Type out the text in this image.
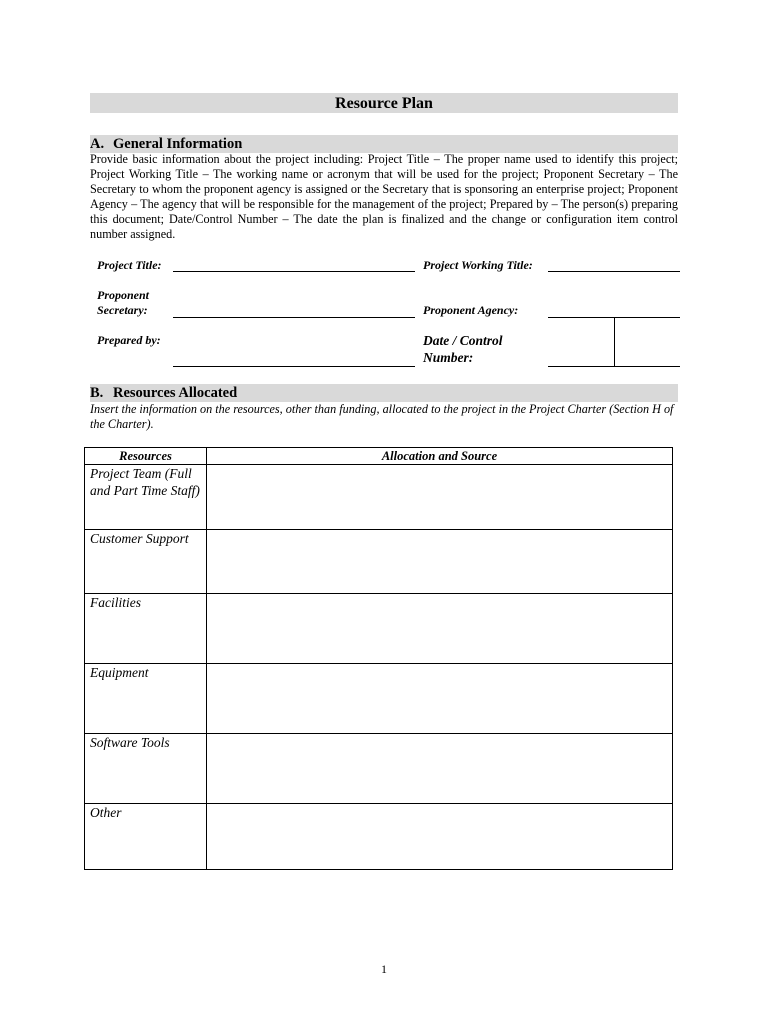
Resource Plan
A. General Information
Provide basic information about the project including: Project Title – The proper name used to identify this project; Project Working Title – The working name or acronym that will be used for the project; Proponent Secretary – The Secretary to whom the proponent agency is assigned or the Secretary that is sponsoring an enterprise project; Proponent Agency – The agency that will be responsible for the management of the project; Prepared by – The person(s) preparing this document; Date/Control Number – The date the plan is finalized and the change or configuration item control number assigned.
Project Title:	Project Working Title:
Proponent
Secretary:	Proponent Agency:
Prepared by:	Date / Control
Number:
B. Resources Allocated
Insert the information on the resources, other than funding, allocated to the project in the Project Charter (Section H of the Charter).
Resources	Allocation and Source
Project Team (Full and Part Time Staff)	
Customer Support	
Facilities	
Equipment	
Software Tools	
Other	
1
